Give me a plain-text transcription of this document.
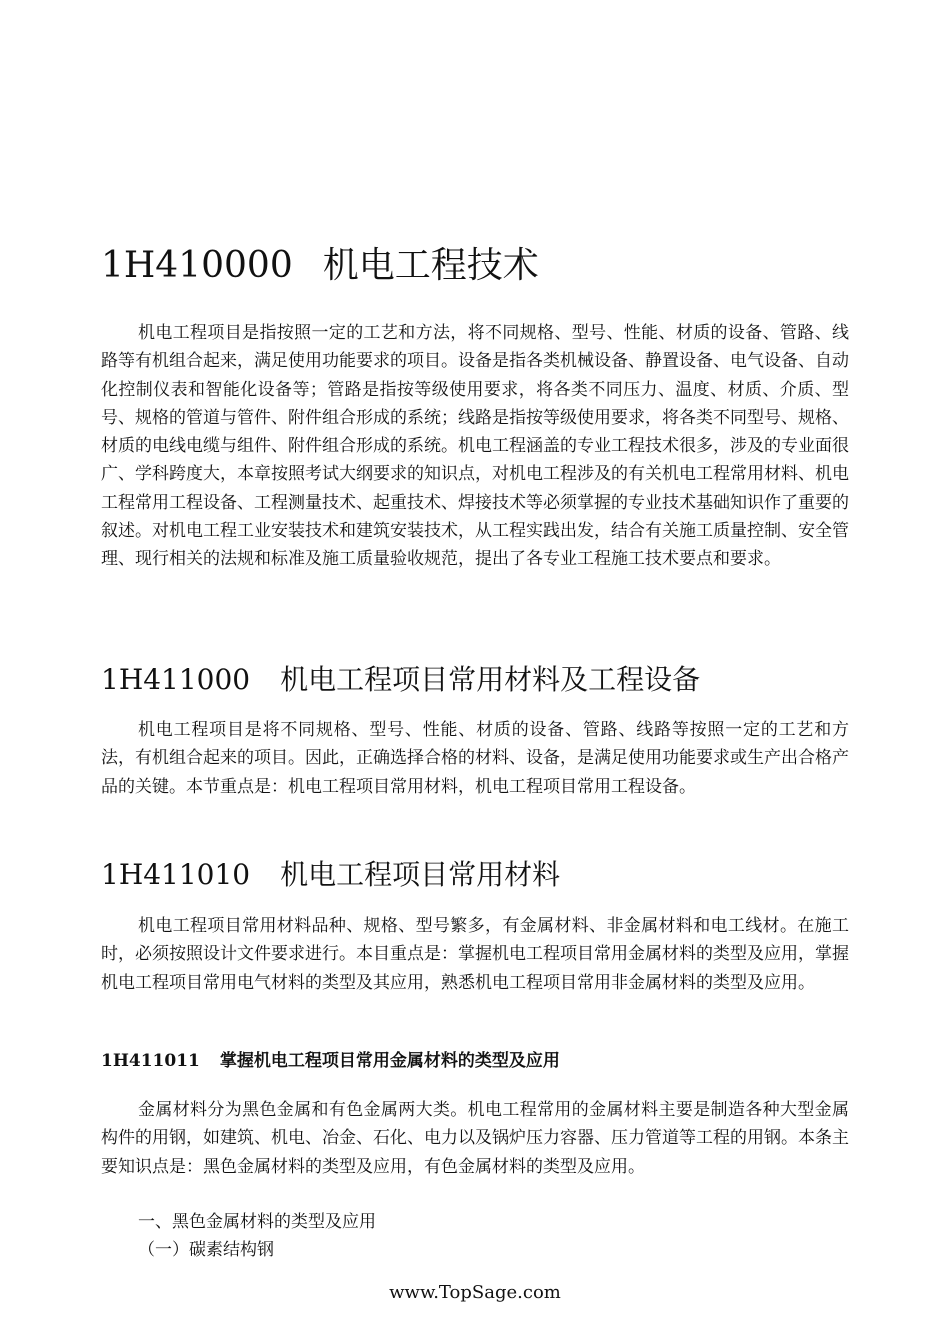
1H410000 机电工程技术

机电工程项目是指按照一定的工艺和方法，将不同规格、型号、性能、材质的设备、管路、线路等有机组合起来，满足使用功能要求的项目。设备是指各类机械设备、静置设备、电气设备、自动化控制仪表和智能化设备等；管路是指按等级使用要求，将各类不同压力、温度、材质、介质、型号、规格的管道与管件、附件组合形成的系统；线路是指按等级使用要求，将各类不同型号、规格、材质的电线电缆与组件、附件组合形成的系统。机电工程涵盖的专业工程技术很多，涉及的专业面很广、学科跨度大，本章按照考试大纲要求的知识点，对机电工程涉及的有关机电工程常用材料、机电工程常用工程设备、工程测量技术、起重技术、焊接技术等必须掌握的专业技术基础知识作了重要的叙述。对机电工程工业安装技术和建筑安装技术，从工程实践出发，结合有关施工质量控制、安全管理、现行相关的法规和标准及施工质量验收规范，提出了各专业工程施工技术要点和要求。

1H411000 机电工程项目常用材料及工程设备

机电工程项目是将不同规格、型号、性能、材质的设备、管路、线路等按照一定的工艺和方法，有机组合起来的项目。因此，正确选择合格的材料、设备，是满足使用功能要求或生产出合格产品的关键。本节重点是：机电工程项目常用材料，机电工程项目常用工程设备。

1H411010 机电工程项目常用材料

机电工程项目常用材料品种、规格、型号繁多，有金属材料、非金属材料和电工线材。在施工时，必须按照设计文件要求进行。本目重点是：掌握机电工程项目常用金属材料的类型及应用，掌握机电工程项目常用电气材料的类型及其应用，熟悉机电工程项目常用非金属材料的类型及应用。

1H411011 掌握机电工程项目常用金属材料的类型及应用

金属材料分为黑色金属和有色金属两大类。机电工程常用的金属材料主要是制造各种大型金属构件的用钢，如建筑、机电、冶金、石化、电力以及锅炉压力容器、压力管道等工程的用钢。本条主要知识点是：黑色金属材料的类型及应用，有色金属材料的类型及应用。

一、黑色金属材料的类型及应用
（一）碳素结构钢
www.TopSage.com
